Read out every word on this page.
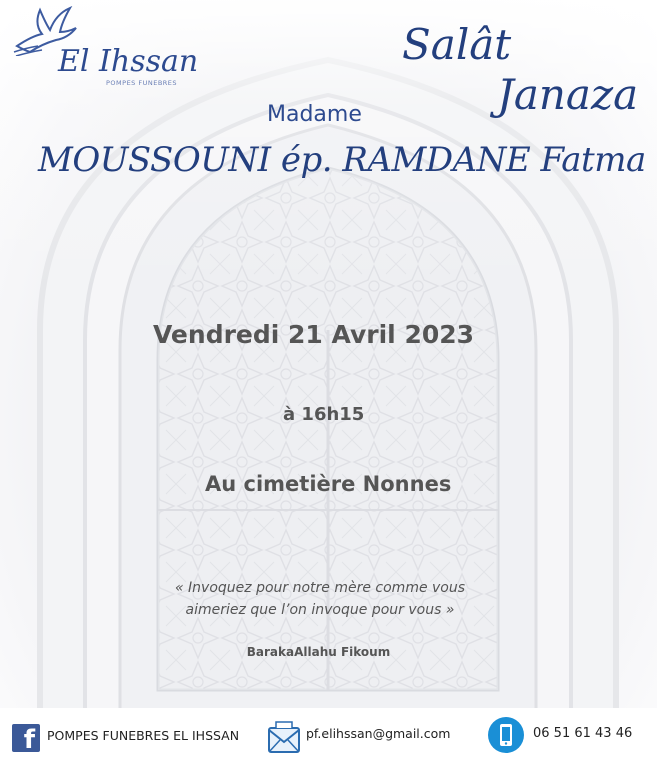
El Ihssan
POMPES FUNEBRES
Salât
Janaza
Madame
MOUSSOUNI ép. RAMDANE Fatma
Vendredi 21 Avril 2023
à 16h15
Au cimetière Nonnes
« Invoquez pour notre mère comme vous
aimeriez que l’on invoque pour vous »
BarakaAllahu Fikoum
f POMPES FUNEBRES EL IHSSAN	pf.elihssan@gmail.com	06 51 61 43 46
